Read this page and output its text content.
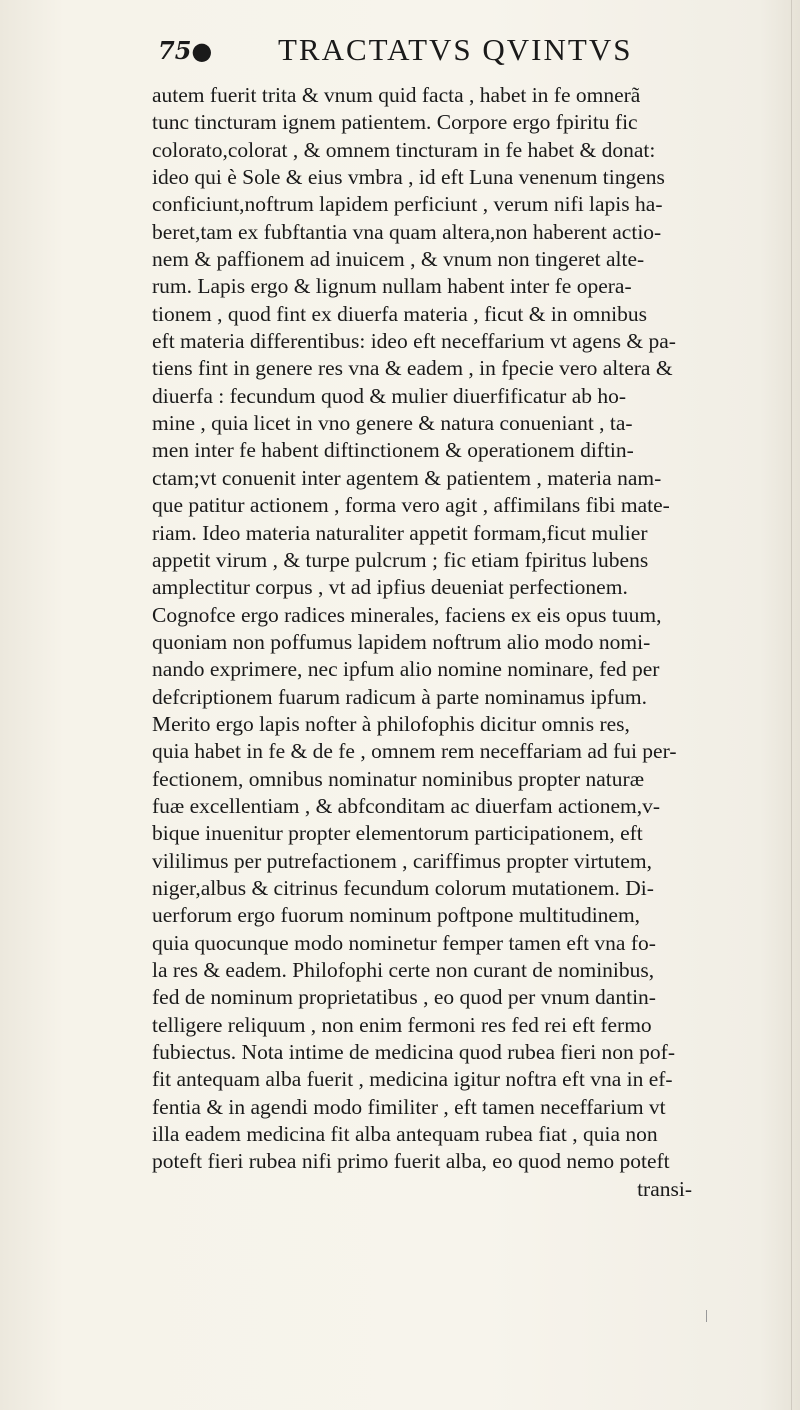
75● TRACTATVS QVINTVS
autem fuerit trita & vnum quid facta , habet in fe omnerã
tunc tincturam ignem patientem. Corpore ergo fpiritu fic
colorato,colorat , & omnem tincturam in fe habet & donat:
ideo qui è Sole & eius vmbra , id eft Luna venenum tingens
conficiunt,noftrum lapidem perficiunt , verum nifi lapis ha-
beret,tam ex fubftantia vna quam altera,non haberent actio-
nem & paffionem ad inuicem , & vnum non tingeret alte-
rum. Lapis ergo & lignum nullam habent inter fe opera-
tionem , quod fint ex diuerfa materia , ficut & in omnibus
eft materia differentibus: ideo eft neceffarium vt agens & pa-
tiens fint in genere res vna & eadem , in fpecie vero altera &
diuerfa : fecundum quod & mulier diuerfificatur ab ho-
mine , quia licet in vno genere & natura conueniant , ta-
men inter fe habent diftinctionem & operationem diftin-
ctam;vt conuenit inter agentem & patientem , materia nam-
que patitur actionem , forma vero agit , affimilans fibi mate-
riam. Ideo materia naturaliter appetit formam,ficut mulier
appetit virum , & turpe pulcrum ; fic etiam fpiritus lubens
amplectitur corpus , vt ad ipfius deueniat perfectionem.
Cognofce ergo radices minerales, faciens ex eis opus tuum,
quoniam non poffumus lapidem noftrum alio modo nomi-
nando exprimere, nec ipfum alio nomine nominare, fed per
defcriptionem fuarum radicum à parte nominamus ipfum.
Merito ergo lapis nofter à philofophis dicitur omnis res,
quia habet in fe & de fe , omnem rem neceffariam ad fui per-
fectionem, omnibus nominatur nominibus propter naturæ
fuæ excellentiam , & abfconditam ac diuerfam actionem,v-
bique inuenitur propter elementorum participationem, eft
vililimus per putrefactionem , cariffimus propter virtutem,
niger,albus & citrinus fecundum colorum mutationem. Di-
uerforum ergo fuorum nominum poftpone multitudinem,
quia quocunque modo nominetur femper tamen eft vna fo-
la res & eadem. Philofophi certe non curant de nominibus,
fed de nominum proprietatibus , eo quod per vnum dantin-
telligere reliquum , non enim fermoni res fed rei eft fermo
fubiectus. Nota intime de medicina quod rubea fieri non pof-
fit antequam alba fuerit , medicina igitur noftra eft vna in ef-
fentia & in agendi modo fimiliter , eft tamen neceffarium vt
illa eadem medicina fit alba antequam rubea fiat , quia non
poteft fieri rubea nifi primo fuerit alba, eo quod nemo poteft
transi-
